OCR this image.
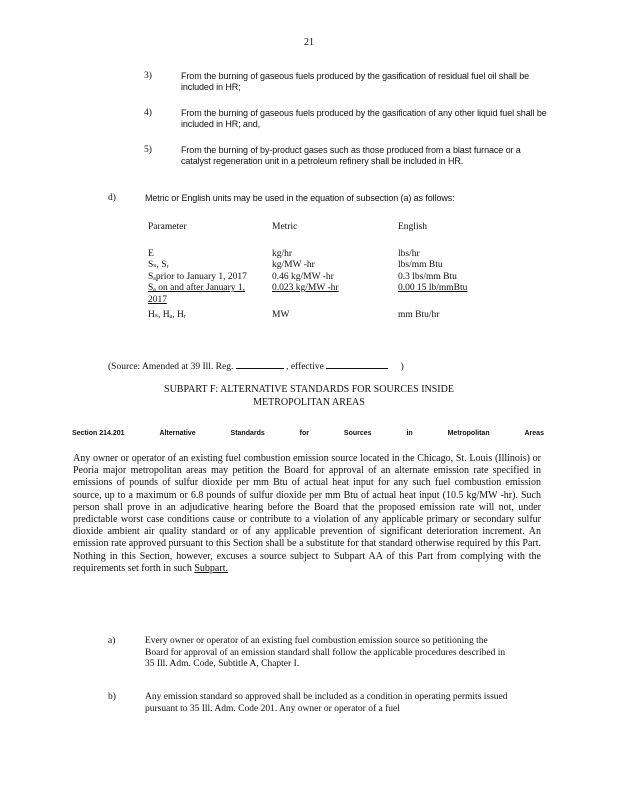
21
3)	From the burning of gaseous fuels produced by the gasification of residual fuel oil shall be included in HR;
4)	From the burning of gaseous fuels produced by the gasification of any other liquid fuel shall be included in HR; and,
5)	From the burning of by-product gases such as those produced from a blast furnace or a catalyst regeneration unit in a petroleum refinery shall be included in HR.
d)	Metric or English units may be used in the equation of subsection (a) as follows:
Parameter	Metric	English
E	kg/hr	lbs/hr
Sₛ, Sᵣ	kg/MW -hr	lbs/mm Btu
Sₐprior to January 1, 2017	0.46 kg/MW -hr	0.3 lbs/mm Btu
Sₐ on and after January 1, 2017	0.023 kg/MW -hr	0.00 15 lb/mmBtu
Hₛ, Hₐ, Hᵣ	MW	mm Btu/hr
(Source: Amended at 39 Ill. Reg.	, effective	)
SUBPART F: ALTERNATIVE STANDARDS FOR SOURCES INSIDE
METROPOLITAN AREAS
Section 214.201	Alternative	Standards	for	Sources	in	Metropolitan	Areas
Any owner or operator of an existing fuel combustion emission source located in the Chicago, St. Louis (Illinois) or Peoria major metropolitan areas may petition the Board for approval of an alternate emission rate specified in emissions of pounds of sulfur dioxide per mm Btu of actual heat input for any such fuel combustion emission source, up to a maximum or 6.8 pounds of sulfur dioxide per mm Btu of actual heat input (10.5 kg/MW -hr). Such person shall prove in an adjudicative hearing before the Board that the proposed emission rate will not, under predictable worst case conditions cause or contribute to a violation of any applicable primary or secondary sulfur dioxide ambient air quality standard or of any applicable prevention of significant deterioration increment. An emission rate approved pursuant to this Section shall be a substitute for that standard otherwise required by this Part. Nothing in this Section, however, excuses a source subject to Subpart AA of this Part from complying with the requirements set forth in such Subpart.
a)	Every owner or operator of an existing fuel combustion emission source so petitioning the Board for approval of an emission standard shall follow the applicable procedures described in 35 Ill. Adm. Code, Subtitle A, Chapter I.
b)	Any emission standard so approved shall be included as a condition in operating permits issued pursuant to 35 Ill. Adm. Code 201. Any owner or operator of a fuel
